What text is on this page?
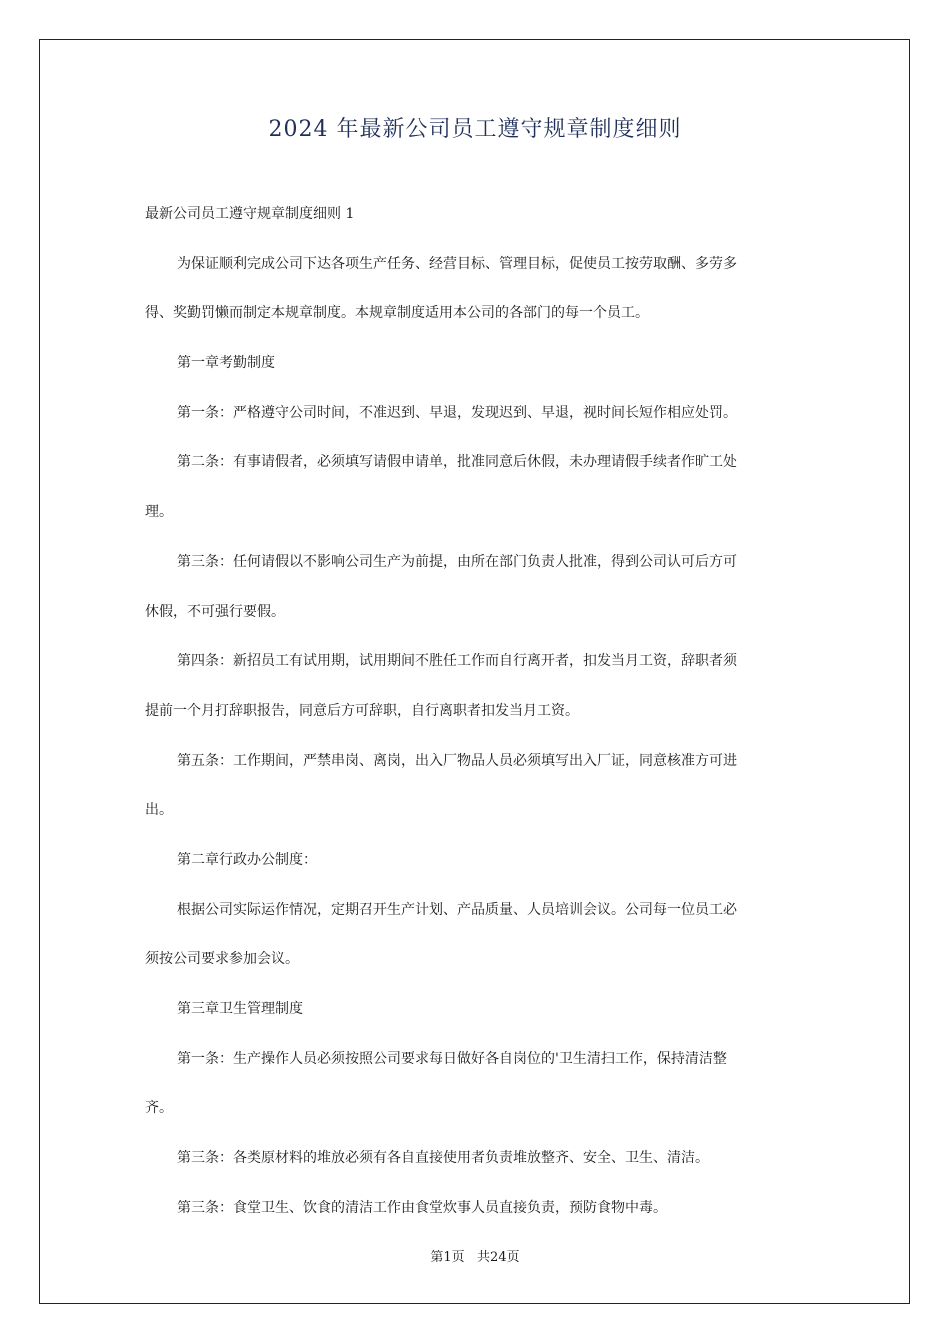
2024 年最新公司员工遵守规章制度细则
最新公司员工遵守规章制度细则 1
为保证顺利完成公司下达各项生产任务、经营目标、管理目标，促使员工按劳取酬、多劳多
得、奖勤罚懒而制定本规章制度。本规章制度适用本公司的各部门的每一个员工。
第一章考勤制度
第一条：严格遵守公司时间，不准迟到、早退，发现迟到、早退，视时间长短作相应处罚。
第二条：有事请假者，必须填写请假申请单，批准同意后休假，未办理请假手续者作旷工处
理。
第三条：任何请假以不影响公司生产为前提，由所在部门负责人批准，得到公司认可后方可
休假，不可强行要假。
第四条：新招员工有试用期，试用期间不胜任工作而自行离开者，扣发当月工资，辞职者须
提前一个月打辞职报告，同意后方可辞职，自行离职者扣发当月工资。
第五条：工作期间，严禁串岗、离岗，出入厂物品人员必须填写出入厂证，同意核准方可进
出。
第二章行政办公制度：
根据公司实际运作情况，定期召开生产计划、产品质量、人员培训会议。公司每一位员工必
须按公司要求参加会议。
第三章卫生管理制度
第一条：生产操作人员必须按照公司要求每日做好各自岗位的'卫生清扫工作，保持清洁整
齐。
第三条：各类原材料的堆放必须有各自直接使用者负责堆放整齐、安全、卫生、清洁。
第三条：食堂卫生、饮食的清洁工作由食堂炊事人员直接负责，预防食物中毒。
第1页   共24页
